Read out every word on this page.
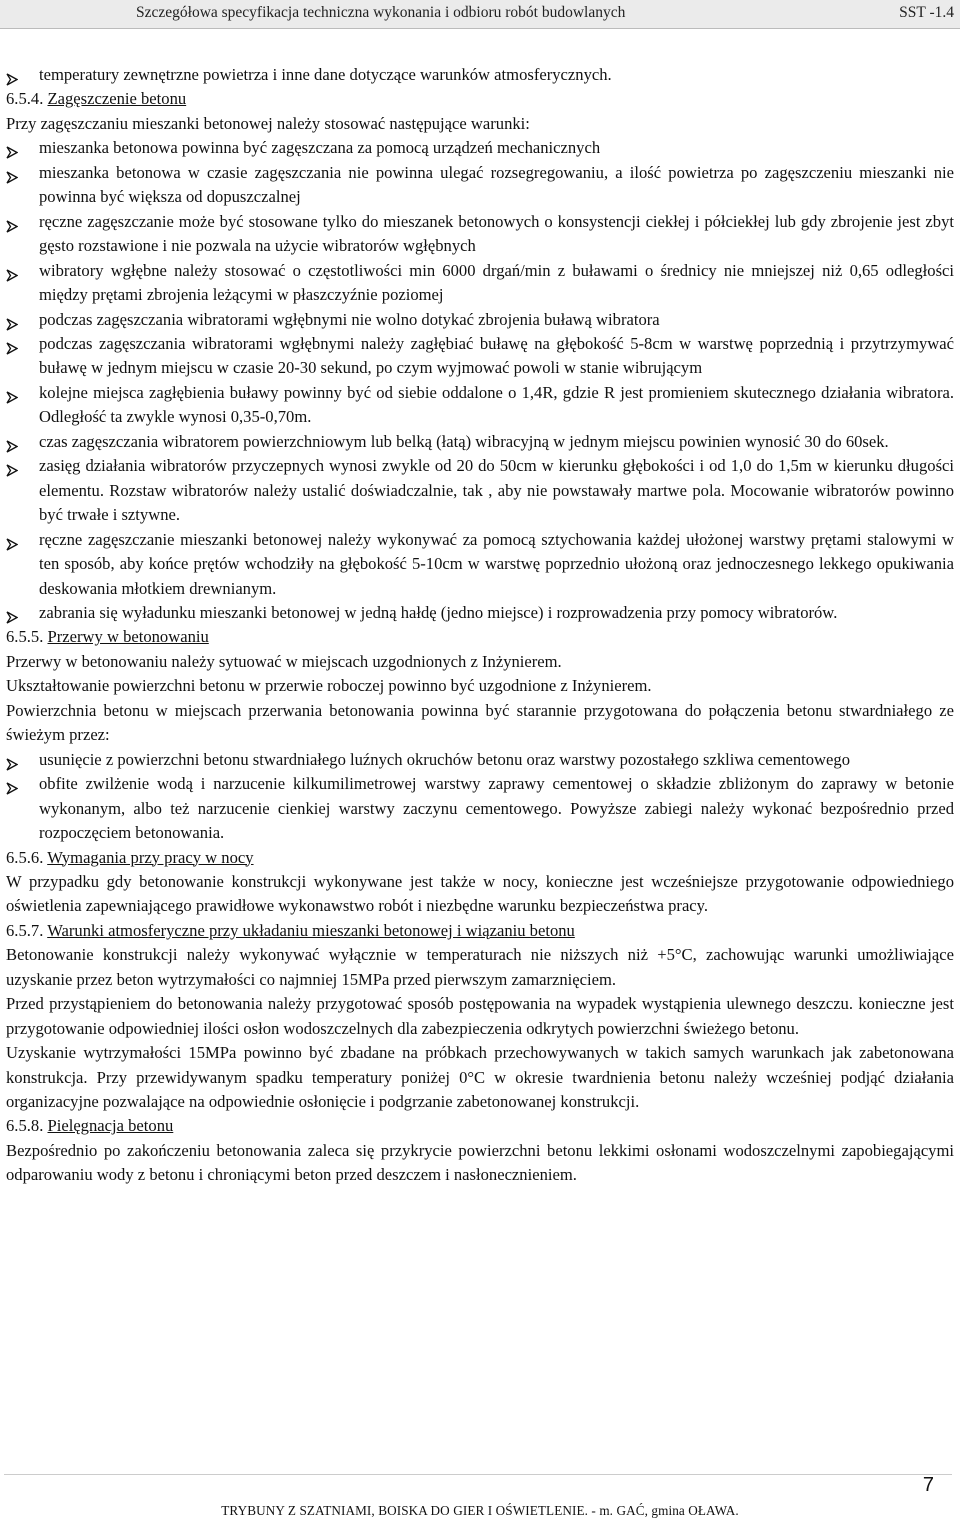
Szczegółowa specyfikacja techniczna wykonania i odbioru robót budowlanych	SST -1.4
temperatury zewnętrzne powietrza i inne dane dotyczące warunków atmosferycznych.
6.5.4. Zagęszczenie betonu
Przy zagęszczaniu mieszanki betonowej należy stosować następujące warunki:
mieszanka betonowa powinna być zagęszczana za pomocą urządzeń mechanicznych
mieszanka betonowa w czasie zagęszczania nie powinna ulegać rozsegregowaniu, a ilość powietrza po zagęszczeniu mieszanki nie powinna być większa od dopuszczalnej
ręczne zagęszczanie może być stosowane tylko do mieszanek betonowych o konsystencji ciekłej i półciekłej lub gdy zbrojenie jest zbyt gęsto rozstawione i nie pozwala na użycie wibratorów wgłębnych
wibratory wgłębne należy stosować o częstotliwości min 6000 drgań/min z buławami o średnicy nie mniejszej niż 0,65 odległości między prętami zbrojenia leżącymi w płaszczyźnie poziomej
podczas zagęszczania wibratorami wgłębnymi nie wolno dotykać zbrojenia buławą wibratora
podczas zagęszczania wibratorami wgłębnymi należy zagłębiać buławę na głębokość 5-8cm w warstwę poprzednią i przytrzymywać buławę w jednym miejscu w czasie 20-30 sekund, po czym wyjmować powoli w stanie wibrującym
kolejne miejsca zagłębienia buławy powinny być od siebie oddalone o 1,4R, gdzie R jest promieniem skutecznego działania wibratora. Odległość ta zwykle wynosi 0,35-0,70m.
czas zagęszczania wibratorem powierzchniowym lub belką (łatą) wibracyjną w jednym miejscu powinien wynosić 30 do 60sek.
zasięg działania wibratorów przyczepnych wynosi zwykle od 20 do 50cm w kierunku głębokości i od 1,0 do 1,5m w kierunku długości elementu. Rozstaw wibratorów należy ustalić doświadczalnie, tak , aby nie powstawały martwe pola. Mocowanie wibratorów powinno być trwałe i sztywne.
ręczne zagęszczanie mieszanki betonowej należy wykonywać za pomocą sztychowania każdej ułożonej warstwy prętami stalowymi w ten sposób, aby końce prętów wchodziły na głębokość 5-10cm w warstwę poprzednio ułożoną oraz jednoczesnego lekkego opukiwania deskowania młotkiem drewnianym.
zabrania się wyładunku mieszanki betonowej w jedną hałdę (jedno miejsce) i rozprowadzenia przy pomocy wibratorów.
6.5.5. Przerwy w betonowaniu
Przerwy w betonowaniu należy sytuować w miejscach uzgodnionych z Inżynierem.
Ukształtowanie powierzchni betonu w przerwie roboczej powinno być uzgodnione z Inżynierem.
Powierzchnia betonu w miejscach przerwania betonowania powinna być starannie przygotowana do połączenia betonu stwardniałego ze świeżym przez:
usunięcie z powierzchni betonu stwardniałego luźnych okruchów betonu oraz warstwy pozostałego szkliwa cementowego
obfite zwilżenie wodą i narzucenie kilkumilimetrowej warstwy zaprawy cementowej o składzie zbliżonym do zaprawy w betonie wykonanym, albo też narzucenie cienkiej warstwy zaczynu cementowego. Powyższe zabiegi należy wykonać bezpośrednio przed rozpoczęciem betonowania.
6.5.6. Wymagania przy pracy w nocy
W przypadku gdy betonowanie konstrukcji wykonywane jest także w nocy, konieczne jest wcześniejsze przygotowanie odpowiedniego oświetlenia zapewniającego prawidłowe wykonawstwo robót i niezbędne warunku bezpieczeństwa pracy.
6.5.7. Warunki atmosferyczne przy układaniu mieszanki betonowej i wiązaniu betonu
Betonowanie konstrukcji należy wykonywać wyłącznie w temperaturach nie niższych niż +5°C, zachowując warunki umożliwiające uzyskanie przez beton wytrzymałości co najmniej 15MPa przed pierwszym zamarznięciem.
Przed przystąpieniem do betonowania należy przygotować sposób postępowania na wypadek wystąpienia ulewnego deszczu. konieczne jest przygotowanie odpowiedniej ilości osłon wodoszczelnych dla zabezpieczenia odkrytych powierzchni świeżego betonu.
Uzyskanie wytrzymałości 15MPa powinno być zbadane na próbkach przechowywanych w takich samych warunkach jak zabetonowana konstrukcja. Przy przewidywanym spadku temperatury poniżej 0°C w okresie twardnienia betonu należy wcześniej podjąć działania organizacyjne pozwalające na odpowiednie osłonięcie i podgrzanie zabetonowanej konstrukcji.
6.5.8. Pielęgnacja betonu
Bezpośrednio po zakończeniu betonowania zaleca się przykrycie powierzchni betonu lekkimi osłonami wodoszczelnymi zapobiegającymi odparowaniu wody z betonu i chroniącymi beton przed deszczem i nasłonecznieniem.
7
TRYBUNY Z SZATNIAMI, BOISKA DO GIER I OŚWIETLENIE. - m. GAĆ, gmina OŁAWA.
